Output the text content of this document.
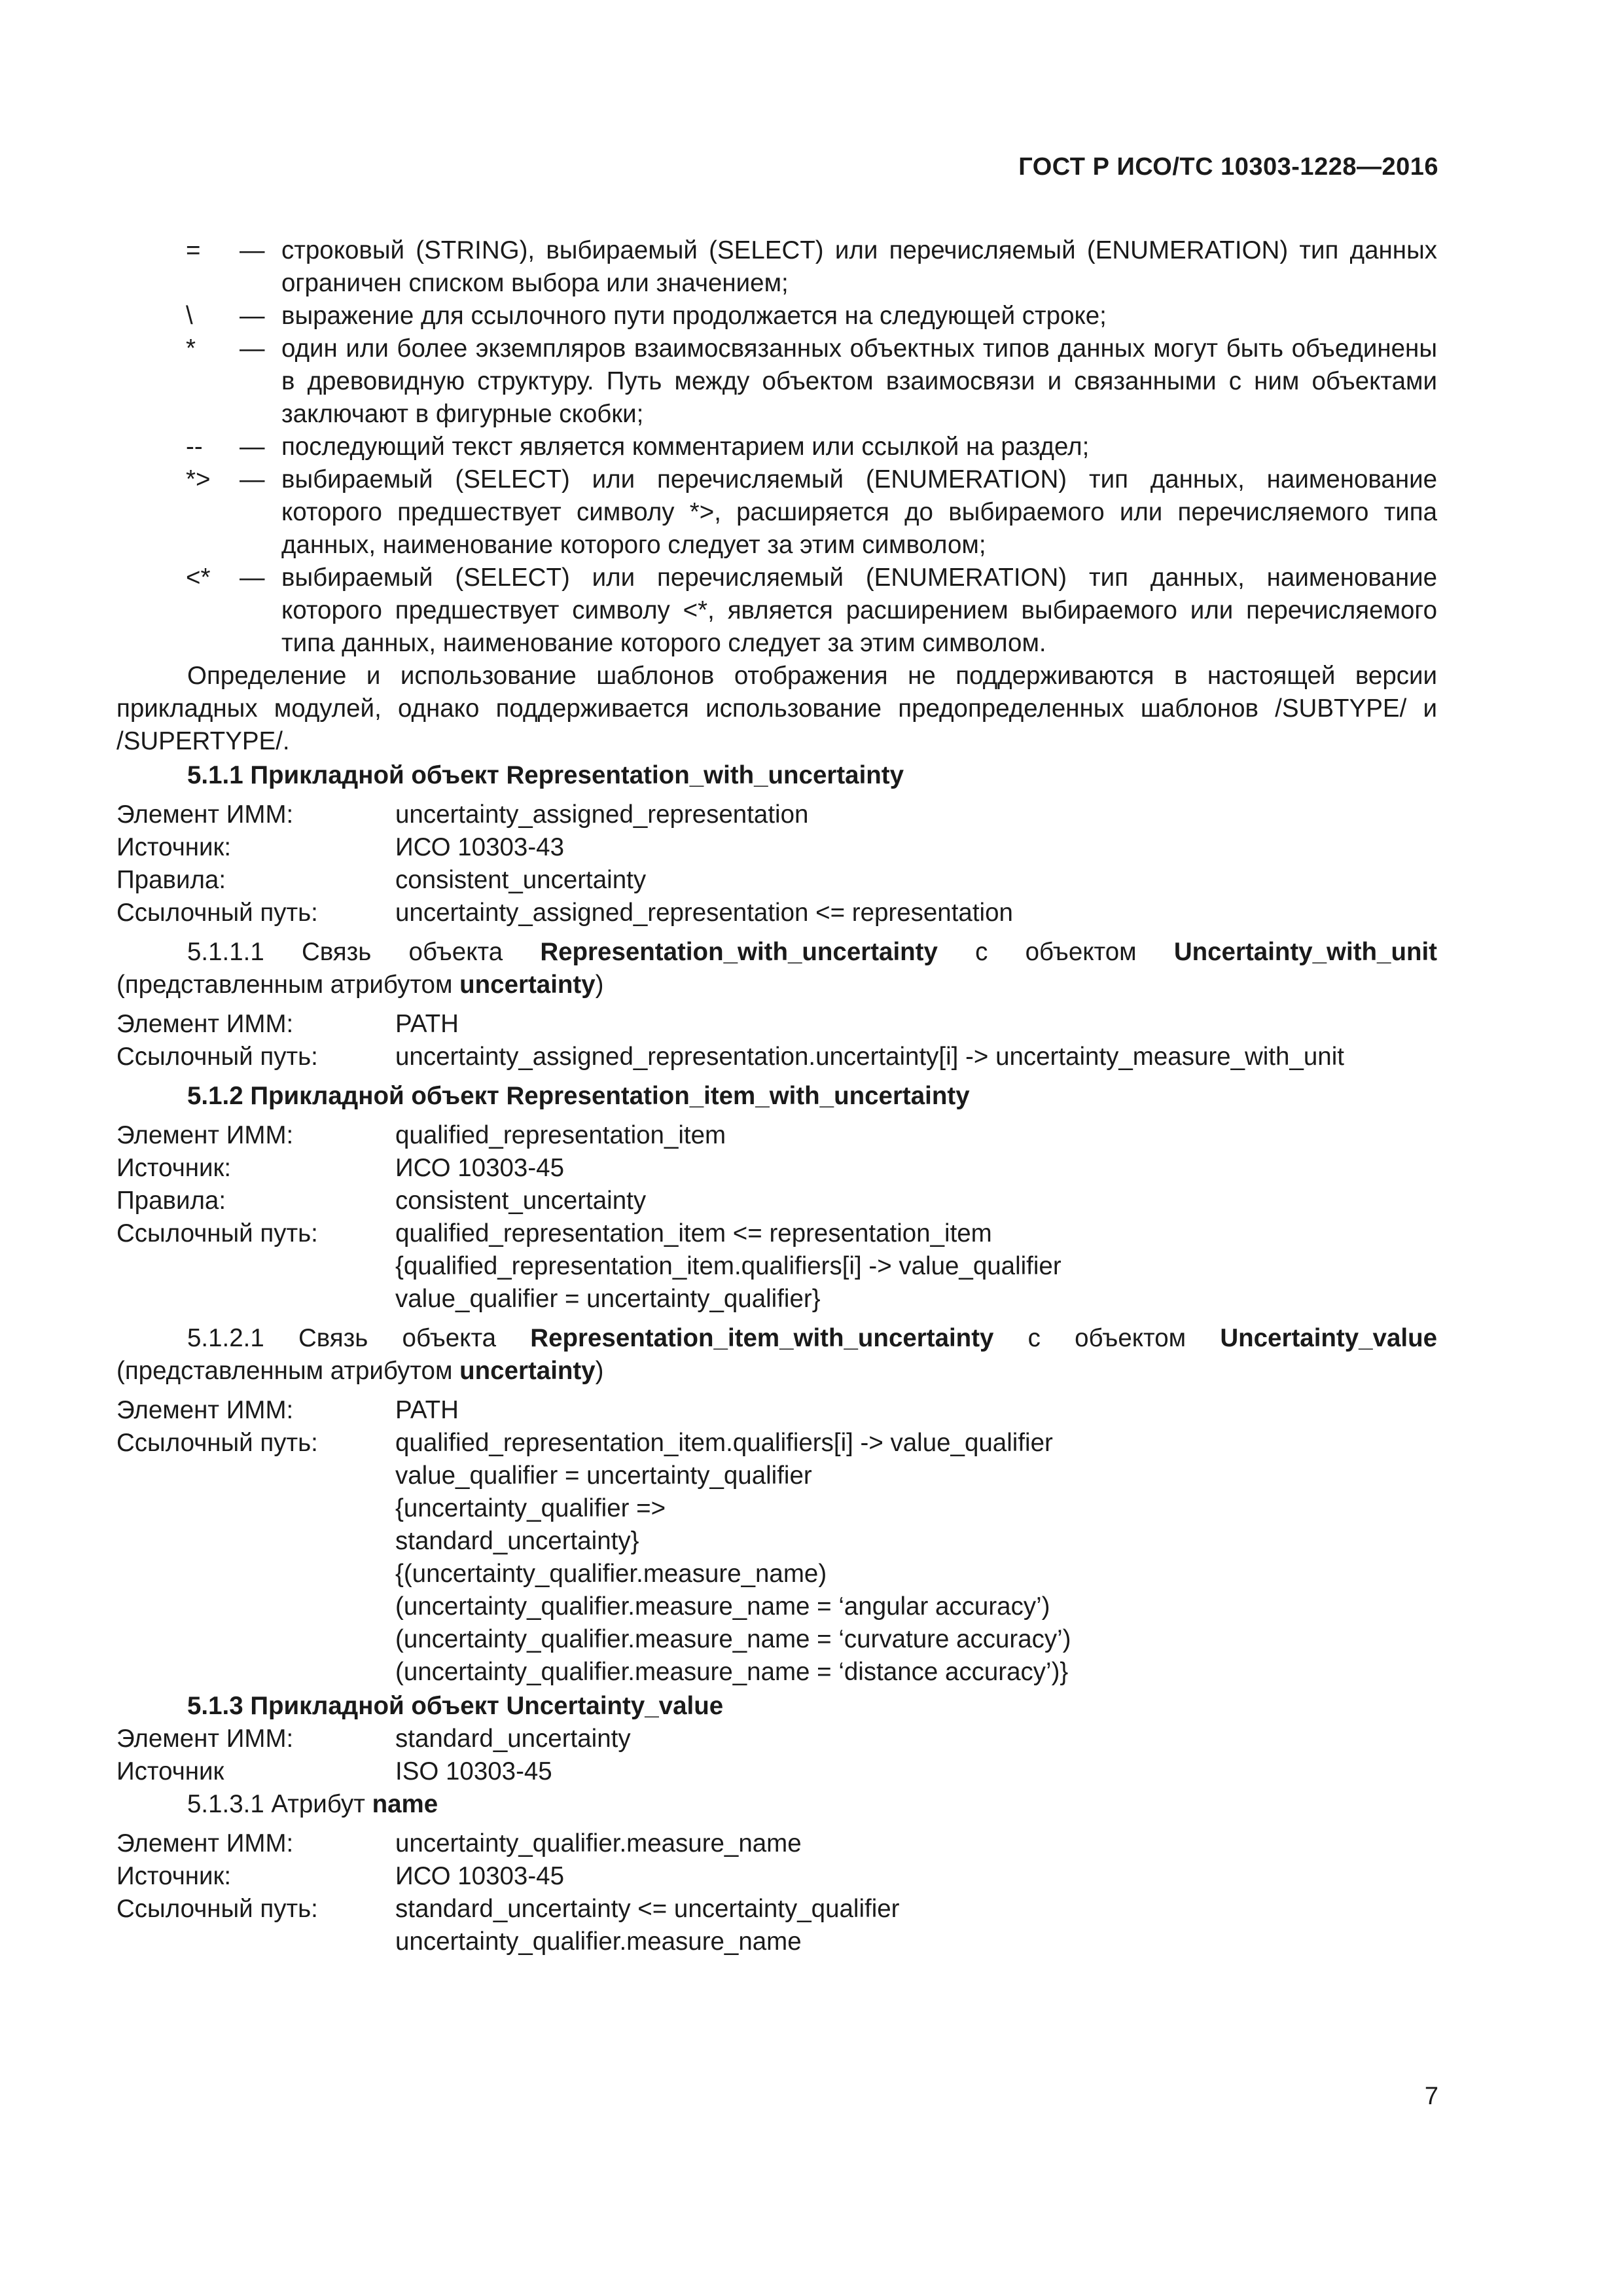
ГОСТ Р ИСО/ТС 10303-1228—2016
=	— строковый (STRING), выбираемый (SELECT) или перечисляемый (ENUMERATION) тип данных ограничен списком выбора или значением;
\	— выражение для ссылочного пути продолжается на следующей строке;
*	— один или более экземпляров взаимосвязанных объектных типов данных могут быть объединены в древовидную структуру. Путь между объектом взаимосвязи и связанными с ним объектами заключают в фигурные скобки;
--	— последующий текст является комментарием или ссылкой на раздел;
*>	— выбираемый (SELECT) или перечисляемый (ENUMERATION) тип данных, наименование которого предшествует символу *>, расширяется до выбираемого или перечисляемого типа данных, наименование которого следует за этим символом;
<*	— выбираемый (SELECT) или перечисляемый (ENUMERATION) тип данных, наименование которого предшествует символу <*, является расширением выбираемого или перечисляемого типа данных, наименование которого следует за этим символом.
Определение и использование шаблонов отображения не поддерживаются в настоящей версии прикладных модулей, однако поддерживается использование предопределенных шаблонов /SUBTYPE/ и /SUPERTYPE/.
5.1.1 Прикладной объект Representation_with_uncertainty
Элемент ИММ:	uncertainty_assigned_representation
Источник:	ИСО 10303-43
Правила:	consistent_uncertainty
Ссылочный путь:	uncertainty_assigned_representation <= representation
5.1.1.1 Связь объекта Representation_with_uncertainty с объектом Uncertainty_with_unit (представленным атрибутом uncertainty)
Элемент ИММ:	PATH
Ссылочный путь:	uncertainty_assigned_representation.uncertainty[i] -> uncertainty_measure_with_unit
5.1.2 Прикладной объект Representation_item_with_uncertainty
Элемент ИММ:	qualified_representation_item
Источник:	ИСО 10303-45
Правила:	consistent_uncertainty
Ссылочный путь:	qualified_representation_item <= representation_item
{qualified_representation_item.qualifiers[i] -> value_qualifier
value_qualifier = uncertainty_qualifier}
5.1.2.1 Связь объекта Representation_item_with_uncertainty с объектом Uncertainty_value (представленным атрибутом uncertainty)
Элемент ИММ:	PATH
Ссылочный путь:	qualified_representation_item.qualifiers[i] -> value_qualifier
value_qualifier = uncertainty_qualifier
{uncertainty_qualifier =>
standard_uncertainty}
{(uncertainty_qualifier.measure_name)
(uncertainty_qualifier.measure_name = ‘angular accuracy’)
(uncertainty_qualifier.measure_name = ‘curvature accuracy’)
(uncertainty_qualifier.measure_name = ‘distance accuracy’)}
5.1.3 Прикладной объект Uncertainty_value
Элемент ИММ:	standard_uncertainty
Источник	ISO 10303-45
5.1.3.1 Атрибут name
Элемент ИММ:	uncertainty_qualifier.measure_name
Источник:	ИСО 10303-45
Ссылочный путь:	standard_uncertainty <= uncertainty_qualifier
uncertainty_qualifier.measure_name
7
